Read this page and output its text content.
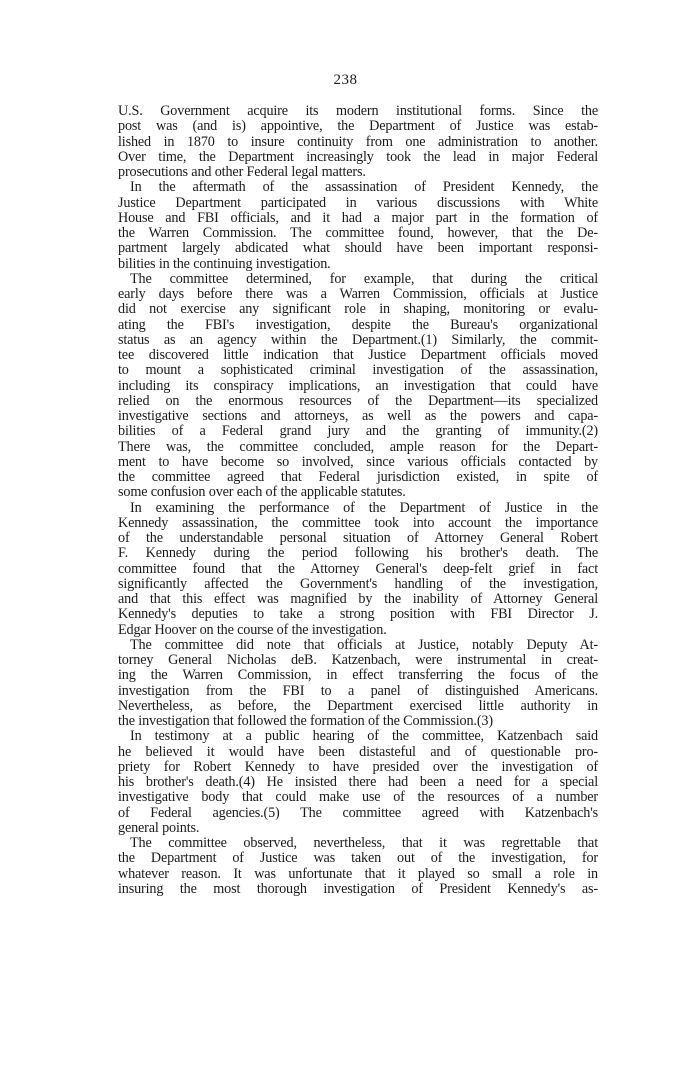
238
U.S. Government acquire its modern institutional forms. Since the
post was (and is) appointive, the Department of Justice was estab-
lished in 1870 to insure continuity from one administration to another.
Over time, the Department increasingly took the lead in major Federal
prosecutions and other Federal legal matters.
In the aftermath of the assassination of President Kennedy, the
Justice Department participated in various discussions with White
House and FBI officials, and it had a major part in the formation of
the Warren Commission. The committee found, however, that the De-
partment largely abdicated what should have been important responsi-
bilities in the continuing investigation.
The committee determined, for example, that during the critical
early days before there was a Warren Commission, officials at Justice
did not exercise any significant role in shaping, monitoring or evalu-
ating the FBI's investigation, despite the Bureau's organizational
status as an agency within the Department.(1) Similarly, the commit-
tee discovered little indication that Justice Department officials moved
to mount a sophisticated criminal investigation of the assassination,
including its conspiracy implications, an investigation that could have
relied on the enormous resources of the Department—its specialized
investigative sections and attorneys, as well as the powers and capa-
bilities of a Federal grand jury and the granting of immunity.(2)
There was, the committee concluded, ample reason for the Depart-
ment to have become so involved, since various officials contacted by
the committee agreed that Federal jurisdiction existed, in spite of
some confusion over each of the applicable statutes.
In examining the performance of the Department of Justice in the
Kennedy assassination, the committee took into account the importance
of the understandable personal situation of Attorney General Robert
F. Kennedy during the period following his brother's death. The
committee found that the Attorney General's deep-felt grief in fact
significantly affected the Government's handling of the investigation,
and that this effect was magnified by the inability of Attorney General
Kennedy's deputies to take a strong position with FBI Director J.
Edgar Hoover on the course of the investigation.
The committee did note that officials at Justice, notably Deputy At-
torney General Nicholas deB. Katzenbach, were instrumental in creat-
ing the Warren Commission, in effect transferring the focus of the
investigation from the FBI to a panel of distinguished Americans.
Nevertheless, as before, the Department exercised little authority in
the investigation that followed the formation of the Commission.(3)
In testimony at a public hearing of the committee, Katzenbach said
he believed it would have been distasteful and of questionable pro-
priety for Robert Kennedy to have presided over the investigation of
his brother's death.(4) He insisted there had been a need for a special
investigative body that could make use of the resources of a number
of Federal agencies.(5) The committee agreed with Katzenbach's
general points.
The committee observed, nevertheless, that it was regrettable that
the Department of Justice was taken out of the investigation, for
whatever reason. It was unfortunate that it played so small a role in
insuring the most thorough investigation of President Kennedy's as-
